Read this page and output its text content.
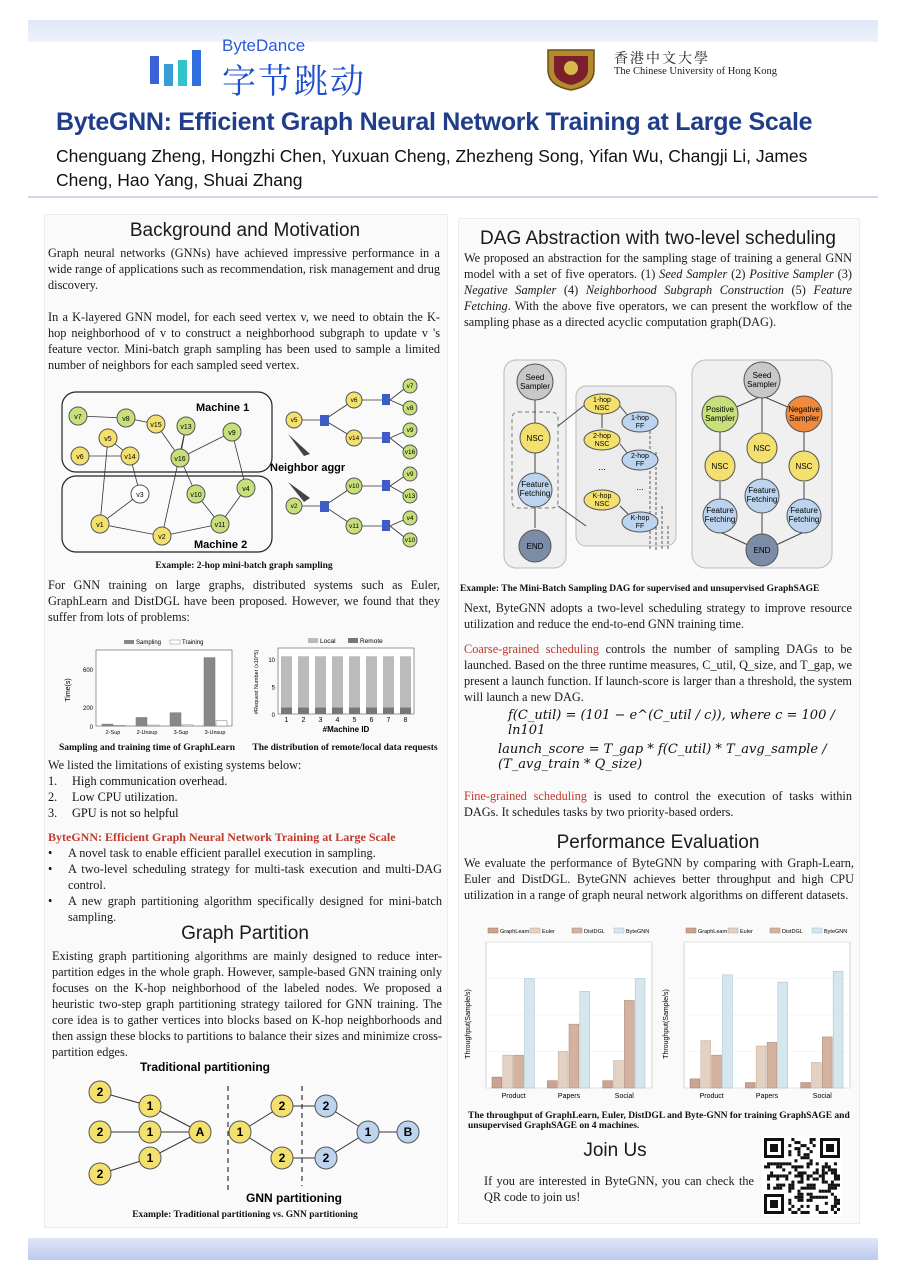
ByteDance
字节跳动
香港中文大學
The Chinese University of Hong Kong
ByteGNN: Efficient Graph Neural Network Training at Large Scale
Chenguang Zheng, Hongzhi Chen, Yuxuan Cheng, Zhezheng Song, Yifan Wu, Changji Li, James Cheng, Hao Yang, Shuai Zhang
Background and Motivation
Graph neural networks (GNNs) have achieved impressive performance in a wide range of applications such as recommendation, risk management and drug discovery.
In a K-layered GNN model, for each seed vertex v, we need to obtain the K-hop neighborhood of v to construct a neighborhood subgraph to update v 's feature vector. Mini-batch graph sampling has been used to sample a limited number of neighbors for each sampled seed vertex.
Machine 1
Machine 2
v7	v8
v5
v15
v14
v9
v6	v16
v13
v3	v10
v4
v1	v11
v2
Neighbor aggr
v5
v2
v6
v14
v10
v11
v7
v8
v9
v16
v9
v13
v4
v10
Example: 2-hop mini-batch graph sampling
For GNN training on large graphs, distributed systems such as Euler, GraphLearn and DistDGL have been proposed. However, we found that they suffer from lots of problems:
0
200
600
Time(s)
Sampling	Training
2-Sup	2-Unsup	3-Sup	3-Unsup
0
5
10
#Request Number (x10^5)
Local	Remote
1 2 3 4 5 6 7 8
#Machine ID
Sampling and training time of GraphLearn	The distribution of remote/local data requests
We listed the limitations of existing systems below:
1. High communication overhead.
2. Low CPU utilization.
3. GPU is not so helpful
ByteGNN: Efficient Graph Neural Network Training at Large Scale
• A novel task to enable efficient parallel execution in sampling.
• A two-level scheduling strategy for multi-task execution and multi-DAG control.
• A new graph partitioning algorithm specifically designed for mini-batch sampling.
Graph Partition
Existing graph partitioning algorithms are mainly designed to reduce inter-partition edges in the whole graph. However, sample-based GNN training only focuses on the K-hop neighborhood of the labeled nodes. We proposed a heuristic two-step graph partitioning strategy tailored for GNN training. The core idea is to gather vertices into blocks based on K-hop neighborhoods and then assign these blocks to partitions to balance their sizes and minimize cross-partition edges.
Traditional partitioning
GNN partitioning
2
2
2
1
1
1
A	1
2
2
2
2
1	B
Example: Traditional partitioning vs. GNN partitioning
DAG Abstraction with two-level scheduling
We proposed an abstraction for the sampling stage of training a general GNN model with a set of five operators. (1) Seed Sampler (2) Positive Sampler (3) Negative Sampler (4) Neighborhood Subgraph Construction (5) Feature Fetching. With the above five operators, we can present the workflow of the sampling phase as a directed acyclic computation graph(DAG).
Seed
Sampler
NSC
Feature
Fetching
END
1-hop
NSC
2-hop
NSC
...
K-hop
NSC
1-hop
FF
2-hop
FF
...
K-hop
FF
Seed
Sampler
Positive
Sampler
Negative
Sampler
NSC
NSC	NSC
Feature
Fetching
Feature
Fetching
Feature
Fetching
END
Example: The Mini-Batch Sampling DAG for supervised and unsupervised GraphSAGE
Next, ByteGNN adopts a two-level scheduling strategy to improve resource utilization and reduce the end-to-end GNN training time.
Coarse-grained scheduling controls the number of sampling DAGs to be launched. Based on the three runtime measures, C_util, Q_size, and T_gap, we present a launch function. If launch-score is larger than a threshold, the system will launch a new DAG.
f(C_util) = (101 − e^(C_util / c)), where c = 100 / ln101
launch_score = T_gap * f(C_util) * T_avg_sample / (T_avg_train * Q_size)
Fine-grained scheduling is used to control the execution of tasks within DAGs. It schedules tasks by two priority-based orders.
Performance Evaluation
We evaluate the performance of ByteGNN by comparing with Graph-Learn, Euler and DistDGL. ByteGNN achieves better throughput and high CPU utilization in a range of graph neural network algorithms on different datasets.
Throughput(Sample/s)
GraphLearn Euler	DistDGL	ByteGNN
Product	Papers	Social
Throughput(Sample/s)
GraphLearn Euler	DistDGL	ByteGNN
Product	Papers	Social
The throughput of GraphLearn, Euler, DistDGL and Byte-GNN for training GraphSAGE and unsupervised GraphSAGE on 4 machines.
Join Us
If you are interested in ByteGNN, you can check the QR code to join us!
